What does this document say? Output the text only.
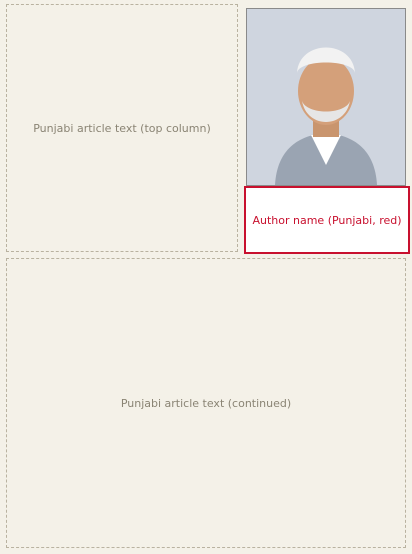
Punjabi article text (top column)
Author name (Punjabi, red)
Punjabi article text (continued)
